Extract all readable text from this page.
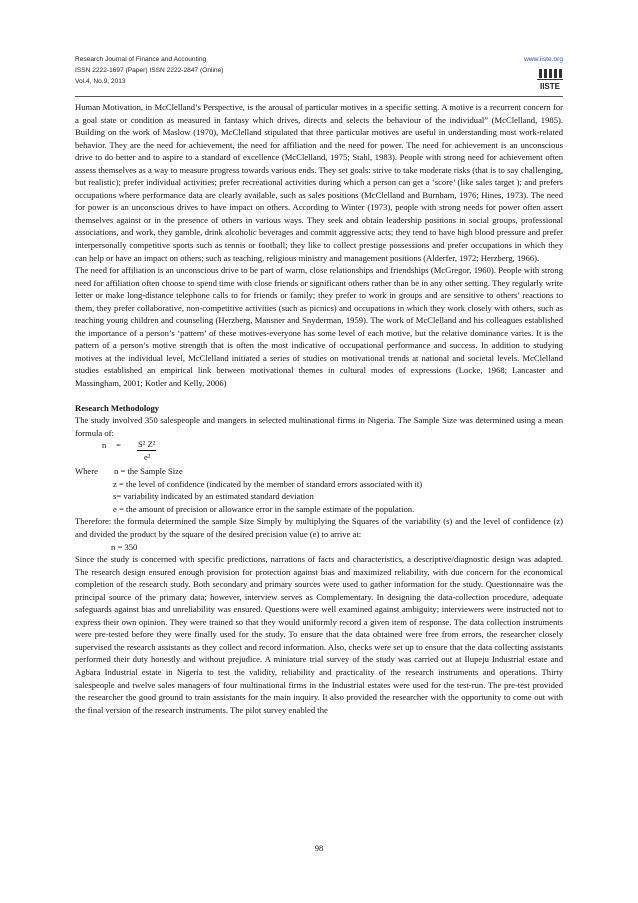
Research Journal of Finance and Accounting	www.iiste.org
ISSN 2222-1697 (Paper) ISSN 2222-2847 (Online)
Vol.4, No.9, 2013
IISTE

Human Motivation, in McClelland’s Perspective, is the arousal of particular motives in a specific setting. A motive is a recurrent concern for a goal state or condition as measured in fantasy which drives, directs and selects the behaviour of the individual” (McClelland, 1985). Building on the work of Maslow (1970), McClelland stipulated that three particular motives are useful in understanding most work-related behavior. They are the need for achievement, the need for affiliation and the need for power. The need for achievement is an unconscious drive to do better and to aspire to a standard of excellence (McClelland, 1975; Stahl, 1983). People with strong need for achievement often assess themselves as a way to measure progress towards various ends. They set goals: strive to take moderate risks (that is to say challenging, but realistic); prefer individual activities; prefer recreational activities during which a person can get a ‘score’ (like sales target ); and prefers occupations where performance data are clearly available, such as sales positions (McClelland and Burnham, 1976; Hines, 1973). The need for power is an unconscious drives to have impact on others. According to Winter (1973), people with strong needs for power often assert themselves against or in the presence of others in various ways. They seek and obtain leadership positions in social groups, professional associations, and work, they gamble, drink alcoholic beverages and commit aggressive acts; they tend to have high blood pressure and prefer interpersonally competitive sports such as tennis or football; they like to collect prestige possessions and prefer occupations in which they can help or have an impact on others; such as teaching, religious ministry and management positions (Alderfer, 1972; Herzberg, 1966).

The need for affiliation is an unconscious drive to be part of warm, close relationships and friendships (McGregor, 1960). People with strong need for affiliation often choose to spend time with close friends or significant others rather than be in any other setting. They regularly write letter or make long-distance telephone calls to for friends or family; they prefer to work in groups and are sensitive to others’ reactions to them, they prefer collaborative, non-competitive activities (such as picnics) and occupations in which they work closely with others, such as teaching young children and counseling (Herzberg, Mansner and Snyderman, 1959). The work of McClelland and his colleagues established the importance of a person’s ‘pattern’ of these motives-everyone has some level of each motive, but the relative dominance varies. It is the pattern of a person’s motive strength that is often the most indicative of occupational performance and success. In addition to studying motives at the individual level, McClelland initiated a series of studies on motivational trends at national and societal levels. McClelland studies established an empirical link between motivational themes in cultural modes of expressions (Locke, 1968; Lancaster and Massingham, 2001; Kotler and Kelly, 2006)

Research Methodology

The study involved 350 salespeople and mangers in selected multinational firms in Nigeria. The Sample Size was determined using a mean formula of:

n = S² Z²
e²
Where	n = the Sample Size
z = the level of confidence (indicated by the member of standard errors associated with it)
s= variability indicated by an estimated standard deviation
e = the amount of precision or allowance error in the sample estimate of the population.

Therefore: the formula determined the sample Size Simply by multiplying the Squares of the variability (s) and the level of confidence (z) and divided the product by the square of the desired precision value (e) to arrive at:

n = 350

Since the study is concerned with specific predictions, narrations of facts and characteristics, a descriptive/diagnostic design was adapted. The research design ensured enough provision for protection against bias and maximized reliability, with due concern for the economical completion of the research study. Both secondary and primary sources were used to gather information for the study. Questionnaire was the principal source of the primary data; however, interview serves as Complementary. In designing the data-collection procedure, adequate safeguards against bias and unreliability was ensured. Questions were well examined against ambiguity; interviewers were instructed not to express their own opinion. They were trained so that they would uniformly record a given item of response. The data collection instruments were pre-tested before they were finally used for the study. To ensure that the data obtained were free from errors, the researcher closely supervised the research assistants as they collect and record information. Also, checks were set up to ensure that the data collecting assistants performed their duty honestly and without prejudice. A miniature trial survey of the study was carried out at Ilupeju Industrial estate and Agbara Industrial estate in Nigeria to test the validity, reliability and practicality of the research instruments and operations. Thirty salespeople and twelve sales managers of four multinational firms in the Industrial estates were used for the test-run. The pre-test provided the researcher the good ground to train assistants for the main inquiry. It also provided the researcher with the opportunity to come out with the final version of the research instruments. The pilot survey enabled the

98
